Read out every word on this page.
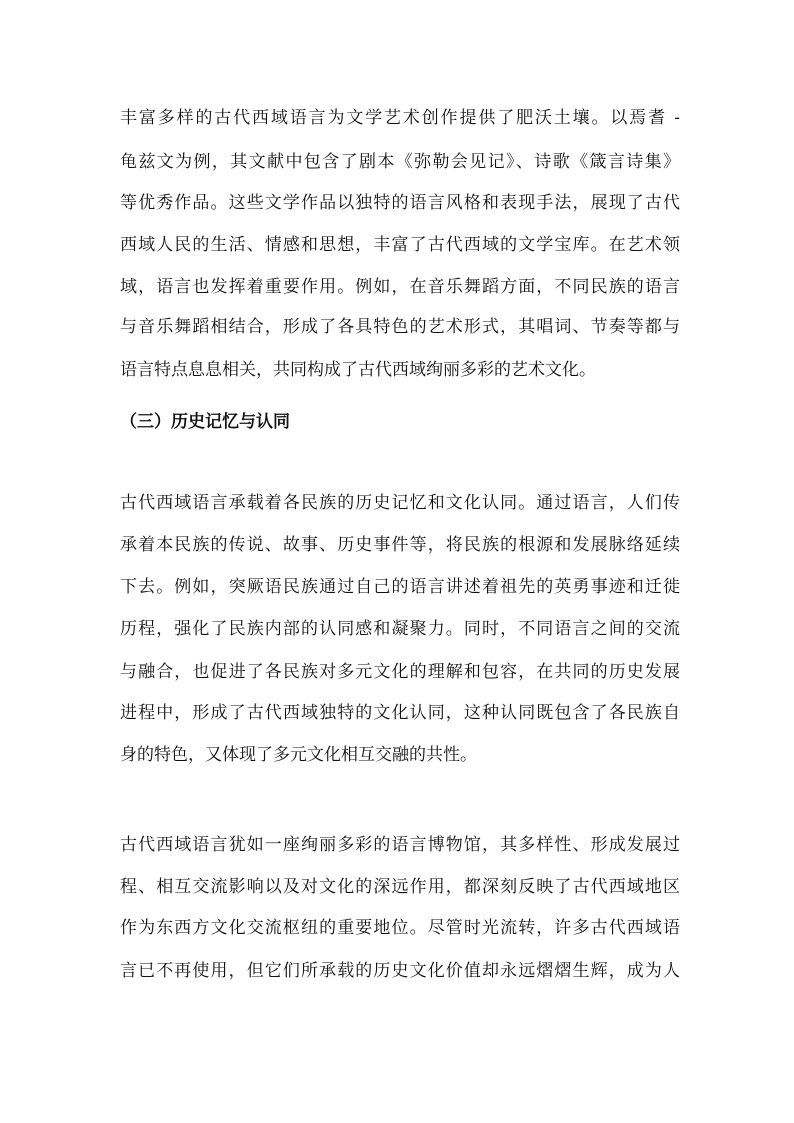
丰富多样的古代西域语言为文学艺术创作提供了肥沃土壤。以焉耆 -
龟兹文为例，其文献中包含了剧本《弥勒会见记》、诗歌《箴言诗集》
等优秀作品。这些文学作品以独特的语言风格和表现手法，展现了古代
西域人民的生活、情感和思想，丰富了古代西域的文学宝库。在艺术领
域，语言也发挥着重要作用。例如，在音乐舞蹈方面，不同民族的语言
与音乐舞蹈相结合，形成了各具特色的艺术形式，其唱词、节奏等都与
语言特点息息相关，共同构成了古代西域绚丽多彩的艺术文化。
（三）历史记忆与认同
古代西域语言承载着各民族的历史记忆和文化认同。通过语言，人们传
承着本民族的传说、故事、历史事件等，将民族的根源和发展脉络延续
下去。例如，突厥语民族通过自己的语言讲述着祖先的英勇事迹和迁徙
历程，强化了民族内部的认同感和凝聚力。同时，不同语言之间的交流
与融合，也促进了各民族对多元文化的理解和包容，在共同的历史发展
进程中，形成了古代西域独特的文化认同，这种认同既包含了各民族自
身的特色，又体现了多元文化相互交融的共性。
古代西域语言犹如一座绚丽多彩的语言博物馆，其多样性、形成发展过
程、相互交流影响以及对文化的深远作用，都深刻反映了古代西域地区
作为东西方文化交流枢纽的重要地位。尽管时光流转，许多古代西域语
言已不再使用，但它们所承载的历史文化价值却永远熠熠生辉，成为人
